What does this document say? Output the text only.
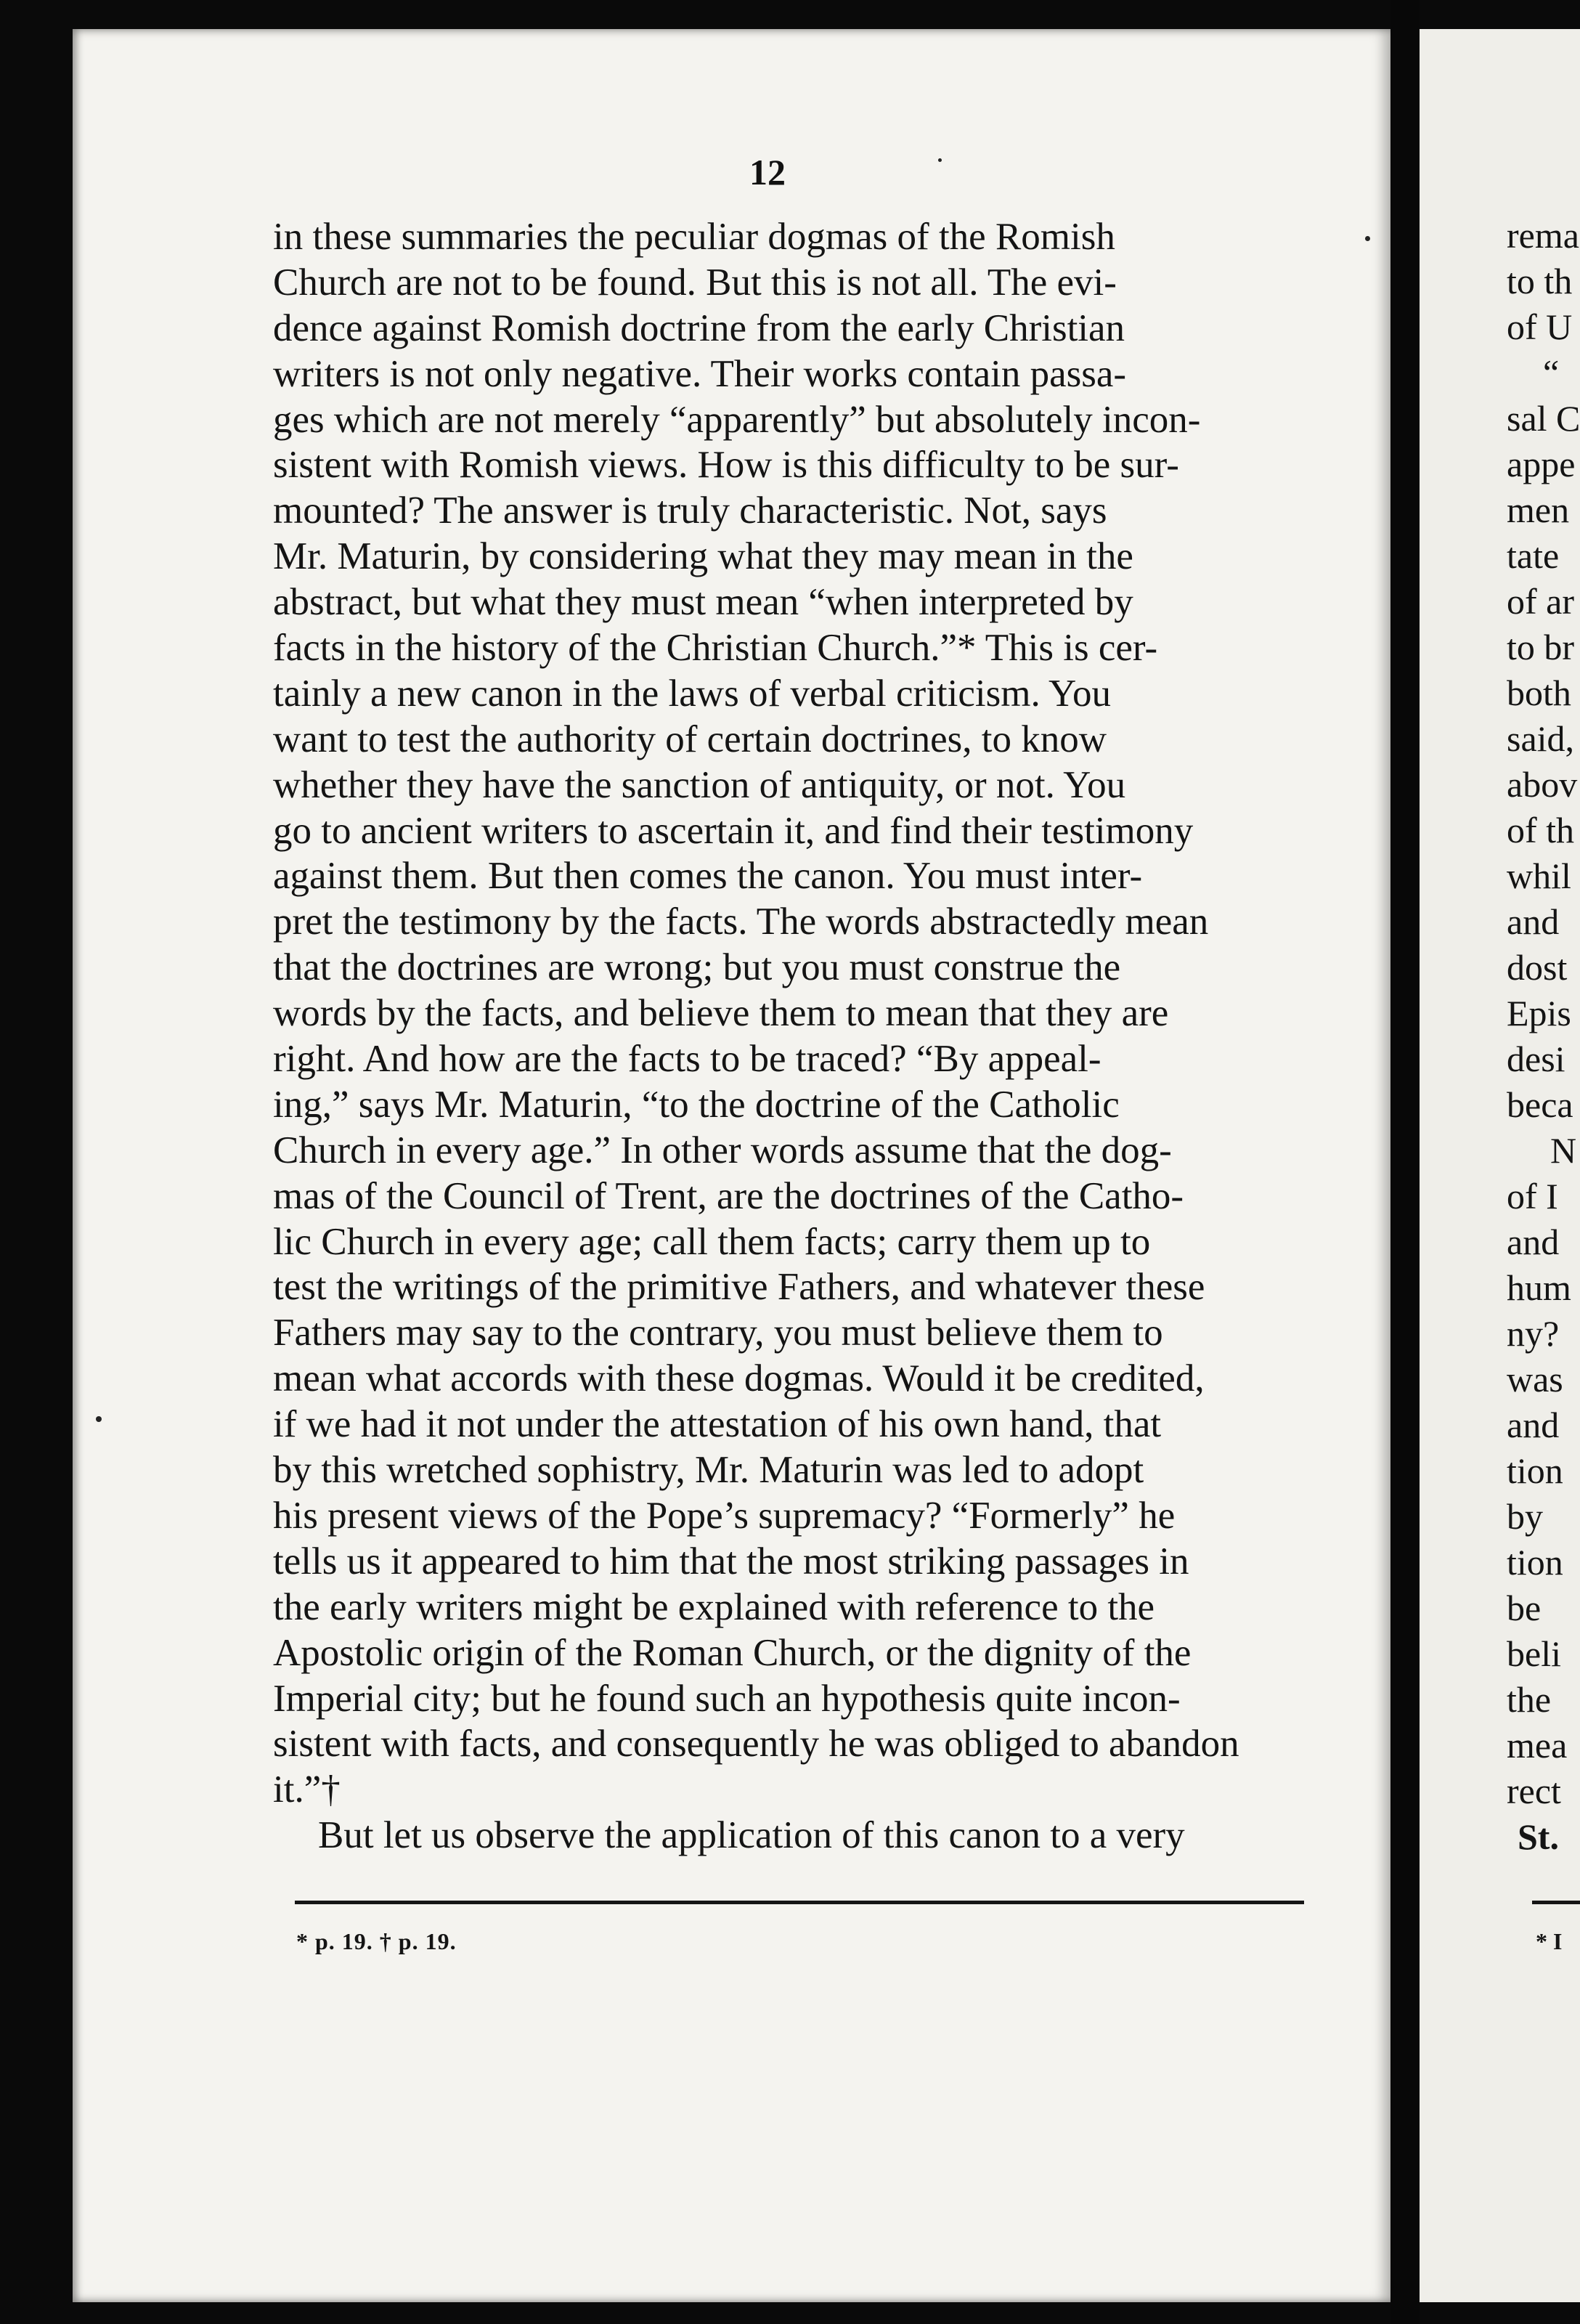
12
in these summaries the peculiar dogmas of the Romish
Church are not to be found. But this is not all. The evi-
dence against Romish doctrine from the early Christian
writers is not only negative. Their works contain passa-
ges which are not merely “apparently” but absolutely incon-
sistent with Romish views. How is this difficulty to be sur-
mounted? The answer is truly characteristic. Not, says
Mr. Maturin, by considering what they may mean in the
abstract, but what they must mean “when interpreted by
facts in the history of the Christian Church.”* This is cer-
tainly a new canon in the laws of verbal criticism. You
want to test the authority of certain doctrines, to know
whether they have the sanction of antiquity, or not. You
go to ancient writers to ascertain it, and find their testimony
against them. But then comes the canon. You must inter-
pret the testimony by the facts. The words abstractedly mean
that the doctrines are wrong; but you must construe the
words by the facts, and believe them to mean that they are
right. And how are the facts to be traced? “By appeal-
ing,” says Mr. Maturin, “to the doctrine of the Catholic
Church in every age.” In other words assume that the dog-
mas of the Council of Trent, are the doctrines of the Catho-
lic Church in every age; call them facts; carry them up to
test the writings of the primitive Fathers, and whatever these
Fathers may say to the contrary, you must believe them to
mean what accords with these dogmas. Would it be credited,
if we had it not under the attestation of his own hand, that
by this wretched sophistry, Mr. Maturin was led to adopt
his present views of the Pope’s supremacy? “Formerly” he
tells us it appeared to him that the most striking passages in
the early writers might be explained with reference to the
Apostolic origin of the Roman Church, or the dignity of the
Imperial city; but he found such an hypothesis quite incon-
sistent with facts, and consequently he was obliged to abandon
it.”†
But let us observe the application of this canon to a very
* p. 19. † p. 19.
rema
to th
of U
“
sal C
appe
men
tate
of ar
to br
both
said,
abov
of th
whil
and
dost
Epis
desi
beca
N
of I
and
hum
ny?
was
and
tion
by
tion
be
beli
the
mea
rect
St.
* I
